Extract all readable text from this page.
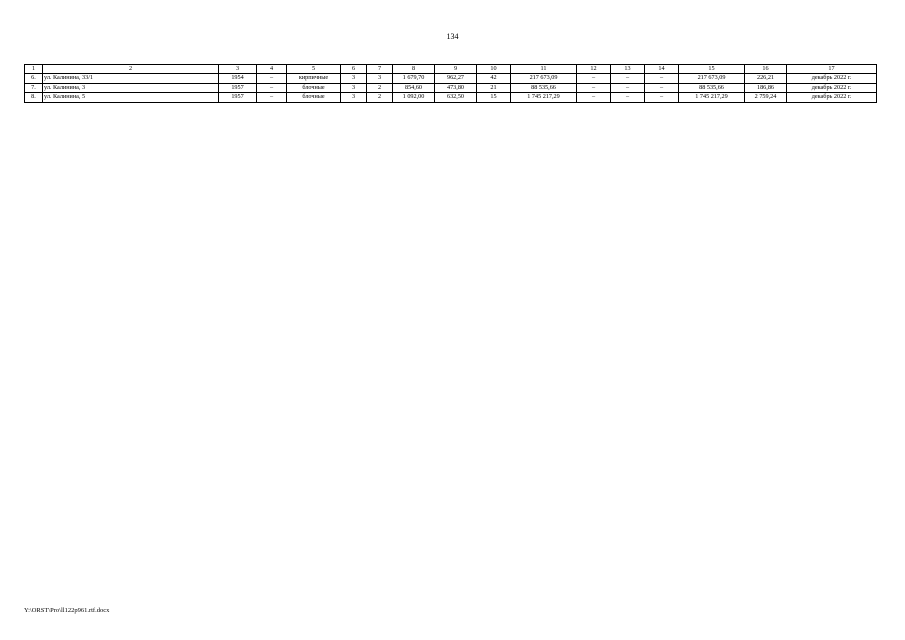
134
1	2	3	4	5	6	7	8	9	10	11	12	13	14	15	16	17
6.	ул. Калинина, 33/1	1954	–	кирпичные	3	3	1 679,70	962,27	42	217 673,09	–	–	–	217 673,09	226,21	декабрь 2022 г.
7.	ул. Калинина, 3	1957	–	блочные	3	2	854,60	473,80	21	88 535,66	–	–	–	88 535,66	186,86	декабрь 2022 г.
8.	ул. Калинина, 5	1957	–	блочные	3	2	1 092,00	632,50	15	1 745 217,29	–	–	–	1 745 217,29	2 759,24	декабрь 2022 г.
Y:\ORST\Pro\ll122p961.rtf.docx
